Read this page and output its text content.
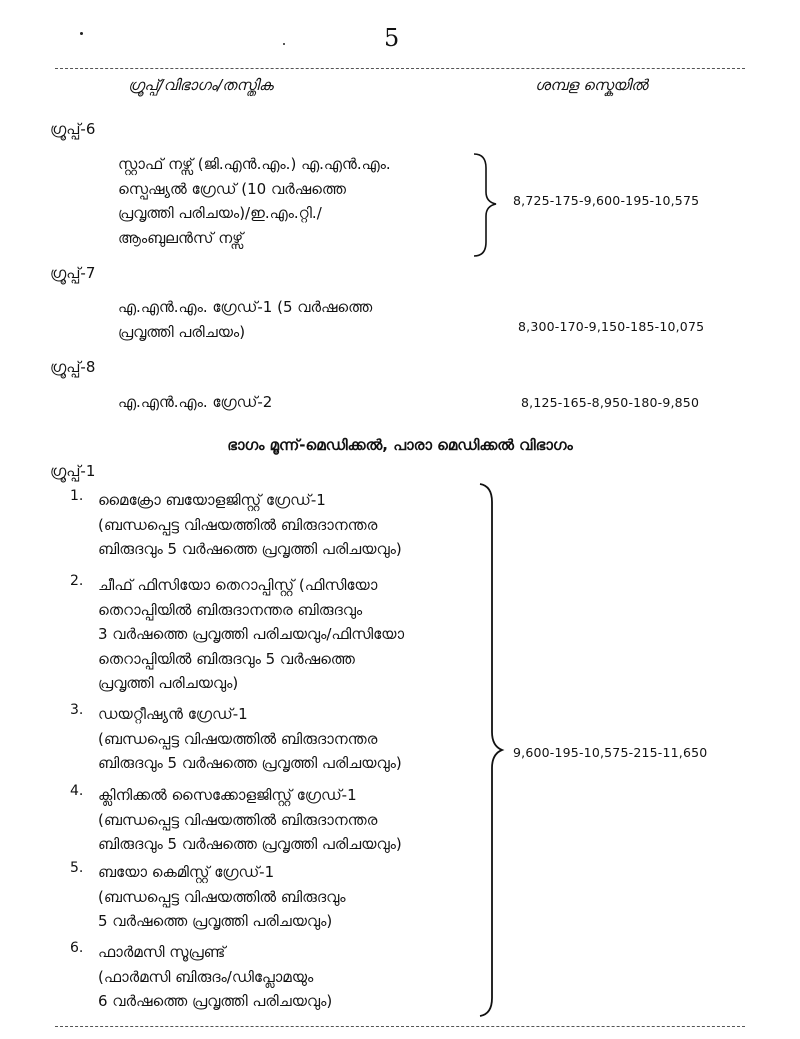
5
ഗ്രൂപ്പ്/വിഭാഗം/തസ്തിക	ശമ്പള സ്കെയിൽ
ഗ്രൂപ്പ്-6
സ്റ്റാഫ് നഴ്സ് (ജി.എൻ.എം.) എ.എൻ.എം.
സ്പെഷ്യൽ ഗ്രേഡ് (10 വർഷത്തെ
പ്രവൃത്തി പരിചയം)/ഇ.എം.റ്റി./
ആംബുലൻസ് നഴ്സ്
8,725-175-9,600-195-10,575
ഗ്രൂപ്പ്-7
എ.എൻ.എം. ഗ്രേഡ്-1 (5 വർഷത്തെ
പ്രവൃത്തി പരിചയം)	8,300-170-9,150-185-10,075
ഗ്രൂപ്പ്-8
എ.എൻ.എം. ഗ്രേഡ്-2	8,125-165-8,950-180-9,850
ഭാഗം മൂന്ന്-മെഡിക്കൽ, പാരാ മെഡിക്കൽ വിഭാഗം
ഗ്രൂപ്പ്-1
1. മൈക്രോ ബയോളജിസ്റ്റ് ഗ്രേഡ്-1
(ബന്ധപ്പെട്ട വിഷയത്തിൽ ബിരുദാനന്തര
ബിരുദവും 5 വർഷത്തെ പ്രവൃത്തി പരിചയവും)
2. ചീഫ് ഫിസിയോ തെറാപ്പിസ്റ്റ് (ഫിസിയോ
തെറാപ്പിയിൽ ബിരുദാനന്തര ബിരുദവും
3 വർഷത്തെ പ്രവൃത്തി പരിചയവും/ഫിസിയോ
തെറാപ്പിയിൽ ബിരുദവും 5 വർഷത്തെ
പ്രവൃത്തി പരിചയവും)
3. ഡയറ്റീഷ്യൻ ഗ്രേഡ്-1
(ബന്ധപ്പെട്ട വിഷയത്തിൽ ബിരുദാനന്തര
ബിരുദവും 5 വർഷത്തെ പ്രവൃത്തി പരിചയവും)
4. ക്ലിനിക്കൽ സൈക്കോളജിസ്റ്റ് ഗ്രേഡ്-1
(ബന്ധപ്പെട്ട വിഷയത്തിൽ ബിരുദാനന്തര
ബിരുദവും 5 വർഷത്തെ പ്രവൃത്തി പരിചയവും)
5. ബയോ കെമിസ്റ്റ് ഗ്രേഡ്-1
(ബന്ധപ്പെട്ട വിഷയത്തിൽ ബിരുദവും
5 വർഷത്തെ പ്രവൃത്തി പരിചയവും)
6. ഫാർമസി സൂപ്രണ്ട്
(ഫാർമസി ബിരുദം/ഡിപ്ലോമയും
6 വർഷത്തെ പ്രവൃത്തി പരിചയവും)
9,600-195-10,575-215-11,650
